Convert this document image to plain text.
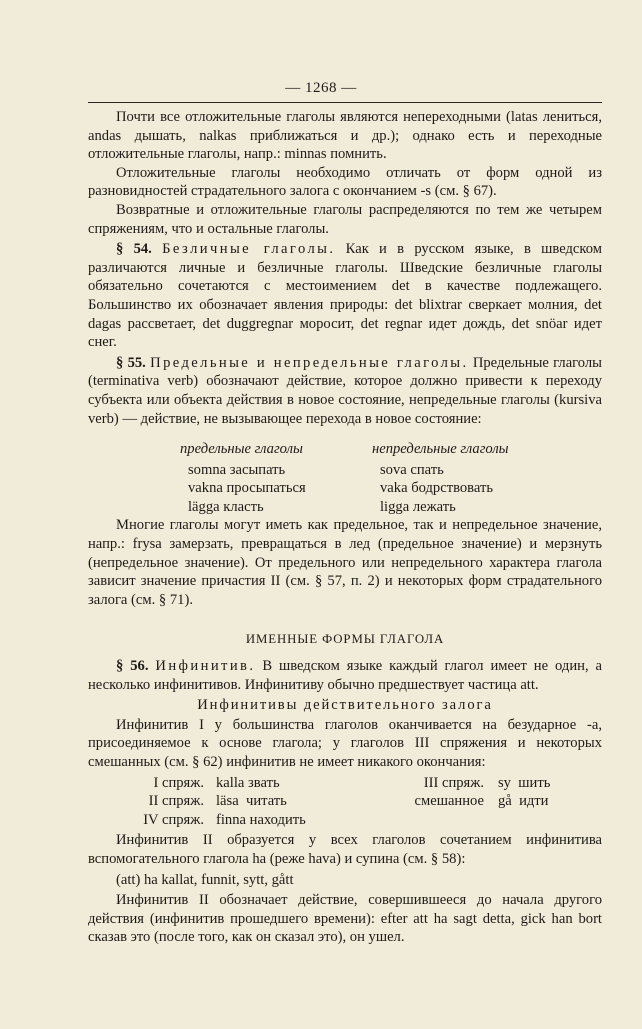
— 1268 —

Почти все отложительные глаголы являются непереходными (latas лениться, andas дышать, nalkas приближаться и др.); однако есть и переходные отложительные глаголы, напр.: minnas помнить.

Отложительные глаголы необходимо отличать от форм одной из разновидностей страдательного залога с окончанием -s (см. § 67).

Возвратные и отложительные глаголы распределяются по тем же четырем спряжениям, что и остальные глаголы.

§ 54. Безличные глаголы. Как и в русском языке, в шведском различаются личные и безличные глаголы. Шведские безличные глаголы обязательно сочетаются с местоимением det в качестве подлежащего. Большинство их обозначает явления природы: det blixtrar сверкает молния, det dagas рассветает, det duggregnar моросит, det regnar идет дождь, det snöar идет снег.

§ 55. Предельные и непредельные глаголы. Предельные глаголы (terminativa verb) обозначают действие, которое должно привести к переходу субъекта или объекта действия в новое состояние, непредельные глаголы (kursiva verb) — действие, не вызывающее перехода в новое состояние:

предельные глаголы
somna засыпать
vakna просыпаться
lägga класть
непредельные глаголы
sova спать
vaka бодрствовать
ligga лежать

Многие глаголы могут иметь как предельное, так и непредельное значение, напр.: frysa замерзать, превращаться в лед (предельное значение) и мерзнуть (непредельное значение). От предельного или непредельного характера глагола зависит значение причастия II (см. § 57, п. 2) и некоторых форм страдательного залога (см. § 71).

ИМЕННЫЕ ФОРМЫ ГЛАГОЛА

§ 56. Инфинитив. В шведском языке каждый глагол имеет не один, а несколько инфинитивов. Инфинитиву обычно предшествует частица att.

Инфинитивы действительного залога

Инфинитив I у большинства глаголов оканчивается на безударное -a, присоединяемое к основе глагола; у глаголов III спряжения и некоторых смешанных (см. § 62) инфинитив не имеет никакого окончания:

I спряж. kalla звать	III спряж. sy  шить
II спряж. läsa  читать	смешанное gå  идти
IV спряж. finna находить

Инфинитив II образуется у всех глаголов сочетанием инфинитива вспомогательного глагола ha (реже hava) и супина (см. § 58):

(att) ha kallat, funnit, sytt, gått

Инфинитив II обозначает действие, совершившееся до начала другого действия (инфинитив прошедшего времени): efter att ha sagt detta, gick han bort сказав это (после того, как он сказал это), он ушел.
